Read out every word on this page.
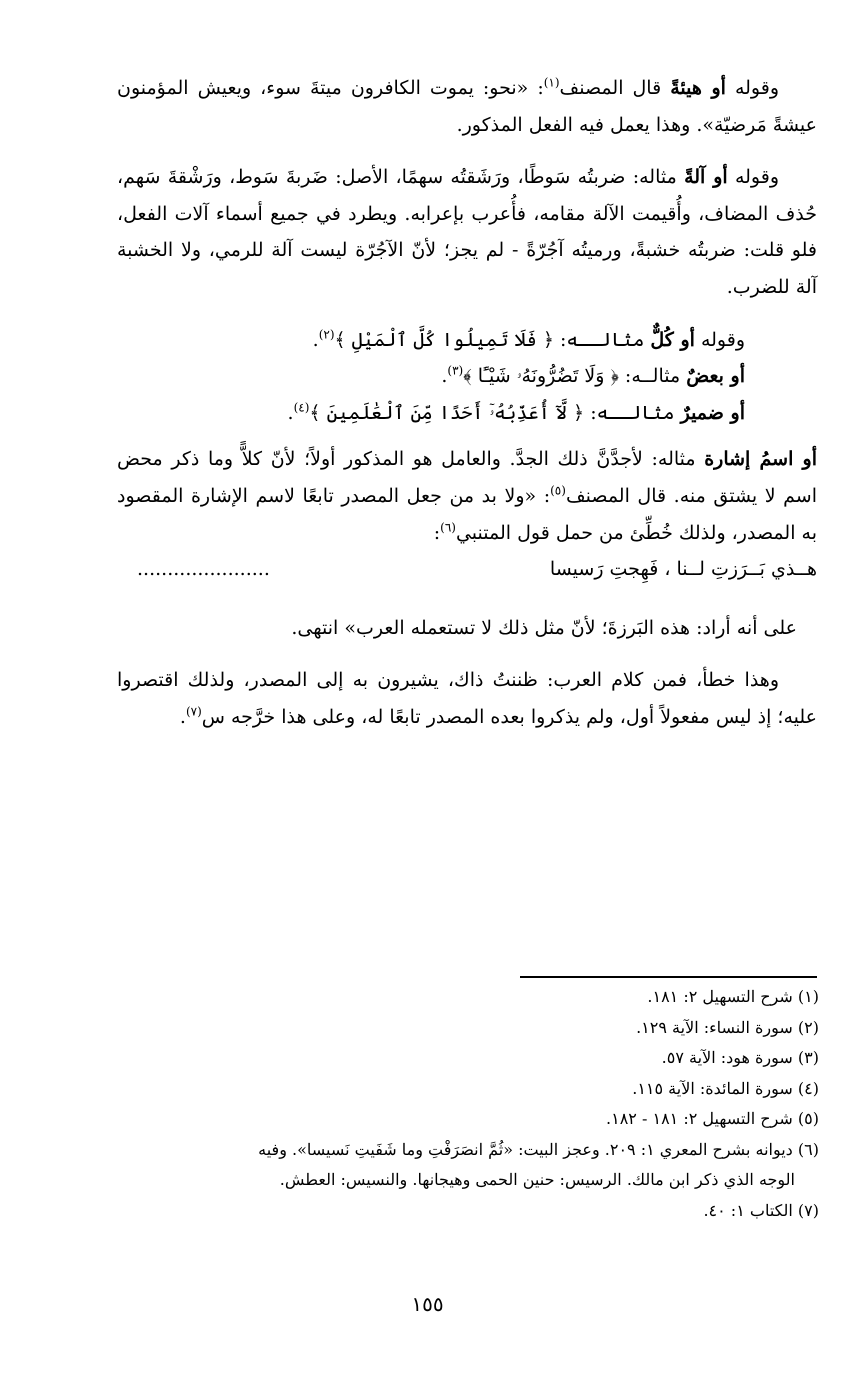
وقوله أو هيئةً قال المصنف$^{(١)}$: «نحو: يموت الكافرون ميتةَ سوء، ويعيش المؤمنون عيشةً مَرضيّة». وهذا يعمل فيه الفعل المذكور.

وقوله أو آلةً مثاله: ضربتُه سَوطًا، ورَشَقتُه سهمًا، الأصل: ضَربةَ سَوط، ورَشْقةَ سَهم، حُذف المضاف، وأُقيمت الآلة مقامه، فأُعرب بإعرابه. ويطرد في جميع أسماء آلات الفعل، فلو قلت: ضربتُه خشبةً، ورميتُه آجُرّةً - لم يجز؛ لأنّ الآجُرّة ليست آلة للرمي، ولا الخشبة آلة للضرب.

وقوله أو كُلٌّ مثالــه: ﴿ فَلَا تَمِيلُوا كُلَّ ٱلْمَيْلِ ﴾$^{(٢)}$.

أو بعضٌ مثالــه: ﴿ وَلَا تَضُرُّونَهُۥ شَيْـًٔا ﴾$^{(٣)}$.

أو ضميرٌ مثالــه: ﴿ لَّآ أُعَذِّبُهُۥٓ أَحَدًا مِّنَ ٱلْعَٰلَمِينَ ﴾$^{(٤)}$.

أو اسمُ إشارة مثاله: لأجدَّنَّ ذلك الجدَّ. والعامل هو المذكور أولاً؛ لأنّ كلاًّ وما ذكر محض اسم لا يشتق منه. قال المصنف$^{(٥)}$: «ولا بد من جعل المصدر تابعًا لاسم الإشارة المقصود به المصدر، ولذلك خُطِّئ من حمل قول المتنبي$^{(٦)}$:

هــذي بَــرَزتِ لــنا ، فَهِجتِ رَسيسا
......................

على أنه أراد: هذه البَرزةَ؛ لأنّ مثل ذلك لا تستعمله العرب» انتهى.

وهذا خطأ، فمن كلام العرب: ظننتُ ذاك، يشيرون به إلى المصدر، ولذلك اقتصروا عليه؛ إذ ليس مفعولاً أول، ولم يذكروا بعده المصدر تابعًا له، وعلى هذا خرَّجه س$^{(٧)}$.

(١) شرح التسهيل ٢: ١٨١.

(٢) سورة النساء: الآية ١٢٩.

(٣) سورة هود: الآية ٥٧.

(٤) سورة المائدة: الآية ١١٥.

(٥) شرح التسهيل ٢: ١٨١ - ١٨٢.

(٦) ديوانه بشرح المعري ١: ٢٠٩. وعجز البيت: «ثُمَّ انصَرَفْتِ وما شَفَيتِ نَسيسا». وفيه

الوجه الذي ذكر ابن مالك. الرسيس: حنين الحمى وهيجانها. والنسيس: العطش.

(٧) الكتاب ١: ٤٠.

١٥٥
